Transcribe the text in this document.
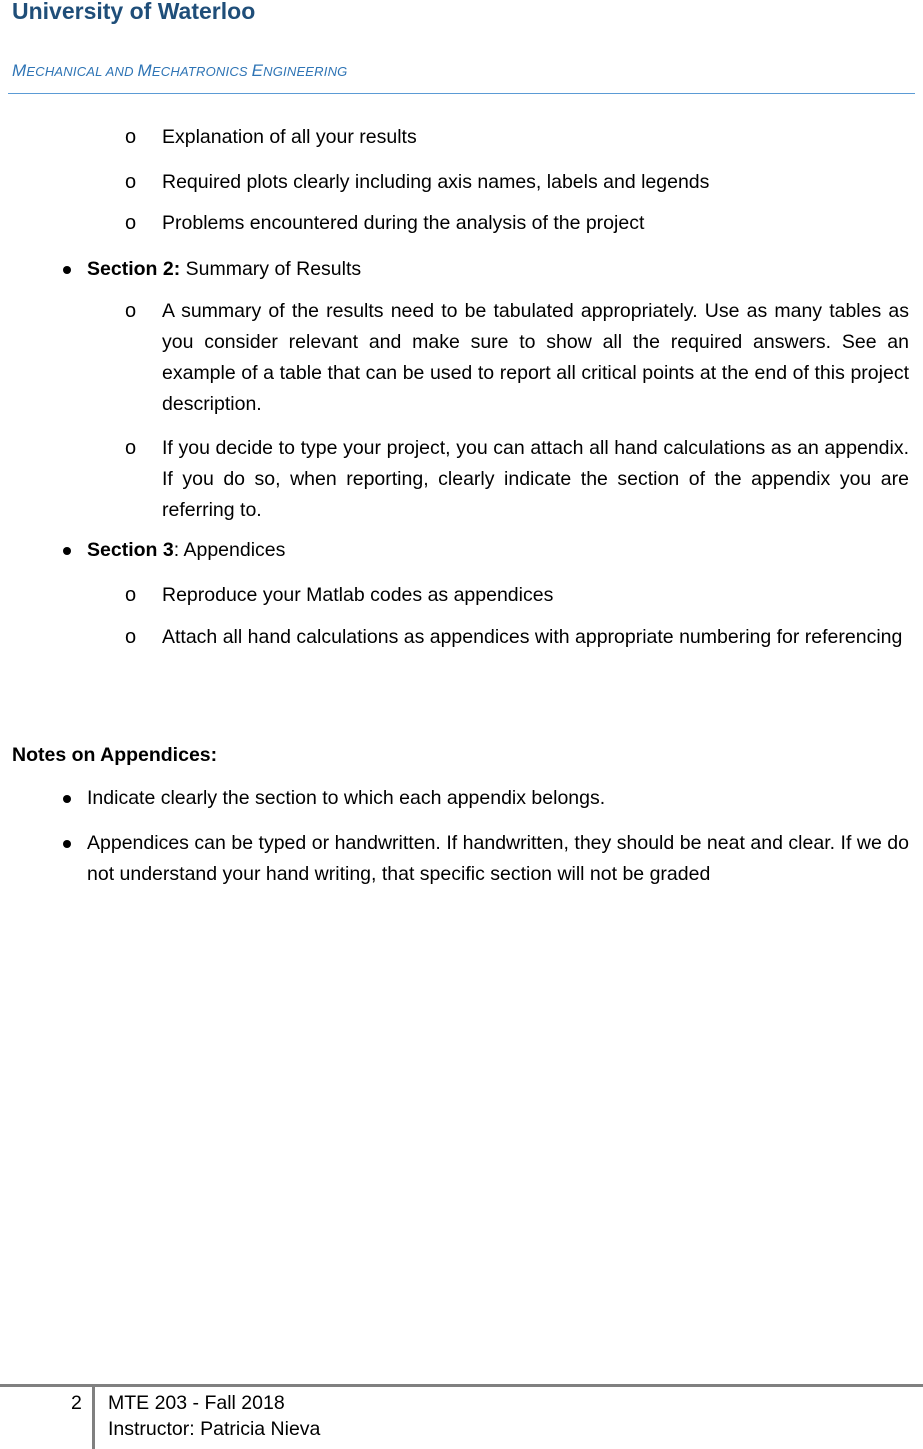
University of Waterloo
MECHANICAL AND MECHATRONICS ENGINEERING
o Explanation of all your results
o Required plots clearly including axis names, labels and legends
o Problems encountered during the analysis of the project
Section 2: Summary of Results
o A summary of the results need to be tabulated appropriately. Use as many tables as you consider relevant and make sure to show all the required answers. See an example of a table that can be used to report all critical points at the end of this project description.
o If you decide to type your project, you can attach all hand calculations as an appendix. If you do so, when reporting, clearly indicate the section of the appendix you are referring to.
Section 3: Appendices
o Reproduce your Matlab codes as appendices
o Attach all hand calculations as appendices with appropriate numbering for referencing
Notes on Appendices:
Indicate clearly the section to which each appendix belongs.
Appendices can be typed or handwritten. If handwritten, they should be neat and clear. If we do not understand your hand writing, that specific section will not be graded
2 MTE 203 - Fall 2018
Instructor: Patricia Nieva
